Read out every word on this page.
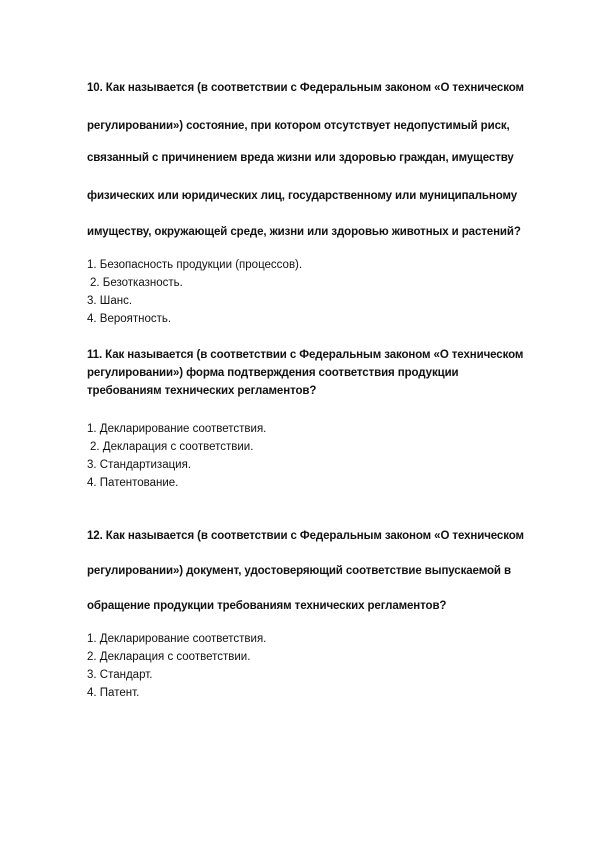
10. Как называется (в соответствии с Федеральным законом «О техническом
регулировании») состояние, при котором отсутствует недопустимый риск,
связанный с причинением вреда жизни или здоровью граждан, имуществу
физических или юридических лиц, государственному или муниципальному
имуществу, окружающей среде, жизни или здоровью животных и растений?
1. Безопасность продукции (процессов).
2. Безотказность.
3. Шанс.
4. Вероятность.
11. Как называется (в соответствии с Федеральным законом «О техническом
регулировании») форма подтверждения соответствия продукции
требованиям технических регламентов?
1. Декларирование соответствия.
2. Декларация с соответствии.
3. Стандартизация.
4. Патентование.
12. Как называется (в соответствии с Федеральным законом «О техническом
регулировании») документ, удостоверяющий соответствие выпускаемой в
обращение продукции требованиям технических регламентов?
1. Декларирование соответствия.
2. Декларация с соответствии.
3. Стандарт.
4. Патент.
